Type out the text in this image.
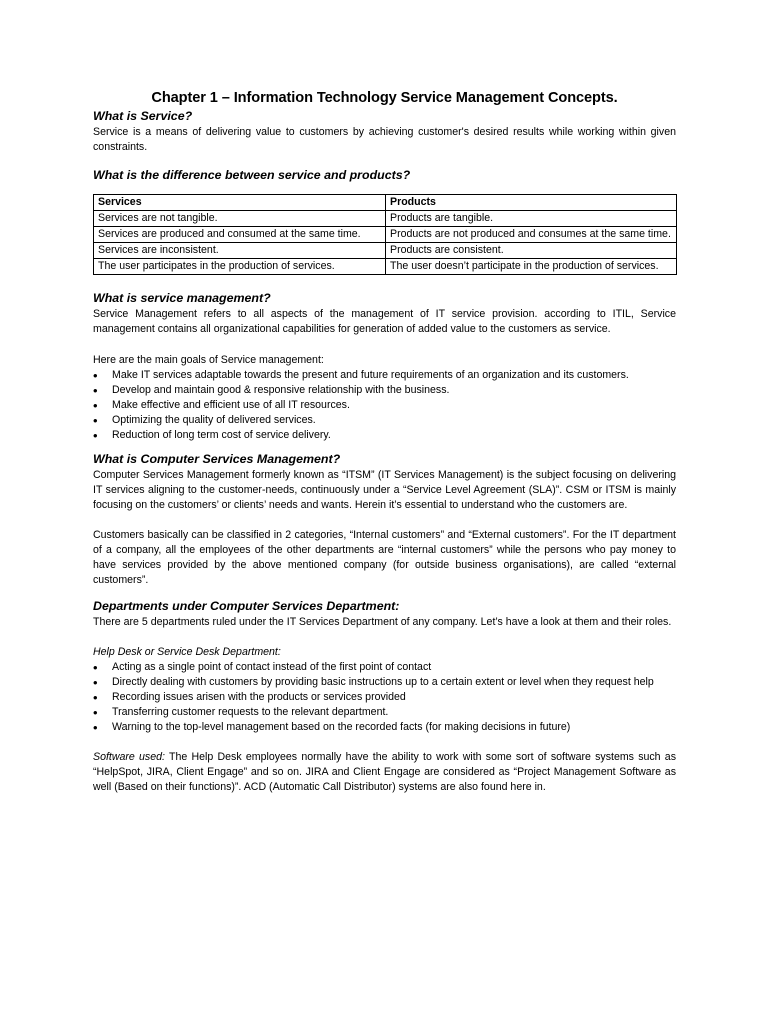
Chapter 1 – Information Technology Service Management Concepts.
What is Service?

Service is a means of delivering value to customers by achieving customer's desired results while working within given constraints.

What is the difference between service and products?
Services	Products
Services are not tangible.	Products are tangible.
Services are produced and consumed at the same time.	Products are not produced and consumes at the same time.
Services are inconsistent.	Products are consistent.
The user participates in the production of services.	The user doesn’t participate in the production of services.
What is service management?

Service Management refers to all aspects of the management of IT service provision. according to ITIL, Service management contains all organizational capabilities for generation of added value to the customers as service.

Here are the main goals of Service management:

• Make IT services adaptable towards the present and future requirements of an organization and its customers.
• Develop and maintain good & responsive relationship with the business.
• Make effective and efficient use of all IT resources.
• Optimizing the quality of delivered services.
• Reduction of long term cost of service delivery.
What is Computer Services Management?

Computer Services Management formerly known as “ITSM” (IT Services Management) is the subject focusing on delivering IT services aligning to the customer-needs, continuously under a “Service Level Agreement (SLA)”. CSM or ITSM is mainly focusing on the customers’ or clients’ needs and wants. Herein it’s essential to understand who the customers are.

Customers basically can be classified in 2 categories, “Internal customers” and “External customers”. For the IT department of a company, all the employees of the other departments are “internal customers” while the persons who pay money to have services provided by the above mentioned company (for outside business organisations), are called “external customers”.

Departments under Computer Services Department:

There are 5 departments ruled under the IT Services Department of any company. Let’s have a look at them and their roles.

Help Desk or Service Desk Department:

• Acting as a single point of contact instead of the first point of contact
• Directly dealing with customers by providing basic instructions up to a certain extent or level when they request help
• Recording issues arisen with the products or services provided
• Transferring customer requests to the relevant department.
• Warning to the top-level management based on the recorded facts (for making decisions in future)

Software used: The Help Desk employees normally have the ability to work with some sort of software systems such as “HelpSpot, JIRA, Client Engage” and so on. JIRA and Client Engage are considered as “Project Management Software as well (Based on their functions)”. ACD (Automatic Call Distributor) systems are also found here in.
